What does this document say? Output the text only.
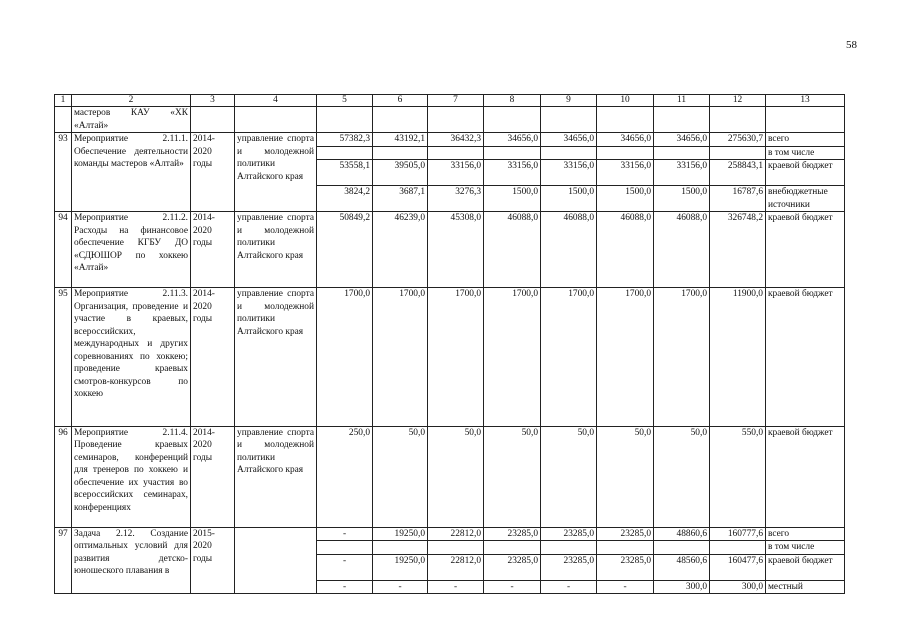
58
1	2	3	4	5	6	7	8	9	10	11	12	13
	мастеров КАУ «ХК «Алтай»											
93	Мероприятие 2.11.1. Обеспечение деятельности команды мастеров «Алтай»	2014-2020 годы	управление спорта и молодежной политики Алтайского края	57382,3	43192,1	36432,3	34656,0	34656,0	34656,0	34656,0	275630,7	всего
												в том числе
				53558,1	39505,0	33156,0	33156,0	33156,0	33156,0	33156,0	258843,1	краевой бюджет
				3824,2	3687,1	3276,3	1500,0	1500,0	1500,0	1500,0	16787,6	внебюджетные источники
94	Мероприятие 2.11.2. Расходы на финансовое обеспечение КГБУ ДО «СДЮШОР по хоккею «Алтай»	2014-2020 годы	управление спорта и молодежной политики Алтайского края	50849,2	46239,0	45308,0	46088,0	46088,0	46088,0	46088,0	326748,2	краевой бюджет
95	Мероприятие 2.11.3. Организация, проведение и участие в краевых, всероссийских, международных и других соревнованиях по хоккею; проведение краевых смотров-конкурсов по хоккею	2014-2020 годы	управление спорта и молодежной политики Алтайского края	1700,0	1700,0	1700,0	1700,0	1700,0	1700,0	1700,0	11900,0	краевой бюджет
96	Мероприятие 2.11.4. Проведение краевых семинаров, конференций для тренеров по хоккею и обеспечение их участия во всероссийских семинарах, конференциях	2014-2020 годы	управление спорта и молодежной политики Алтайского края	250,0	50,0	50,0	50,0	50,0	50,0	50,0	550,0	краевой бюджет
97	Задача 2.12. Создание оптимальных условий для развития детско-юношеского плавания в	2015-2020 годы		-	19250,0	22812,0	23285,0	23285,0	23285,0	48860,6	160777,6	всего
												в том числе
				-	19250,0	22812,0	23285,0	23285,0	23285,0	48560,6	160477,6	краевой бюджет
				-	-	-	-	-	-	300,0	300,0	местный
